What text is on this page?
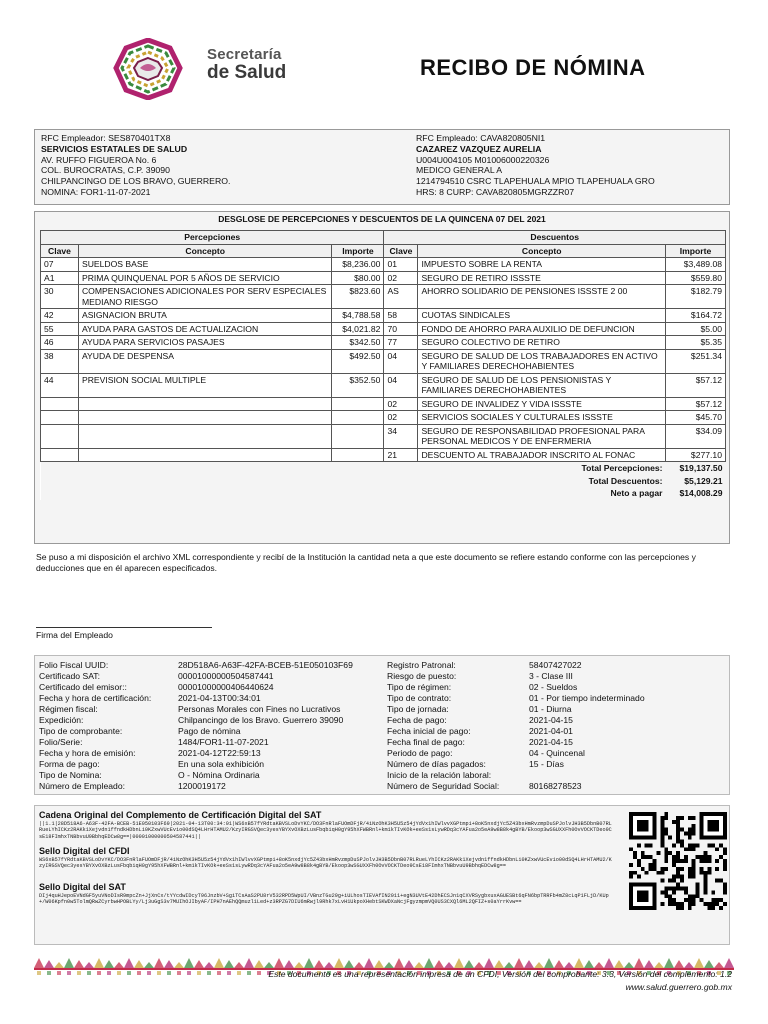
Secretaría
de Salud	RECIBO DE NÓMINA
RFC Empleador: SES870401TX8
SERVICIOS ESTATALES DE SALUD
AV. RUFFO FIGUEROA No. 6
COL. BUROCRATAS, C.P. 39090
CHILPANCINGO DE LOS BRAVO, GUERRERO.
NOMINA: FOR1-11-07-2021
RFC Empleado: CAVA820805NI1
CAZAREZ VAZQUEZ AURELIA
U004U004105 M01006000220326
MEDICO GENERAL A
1214794510 CSRC TLAPEHUALA MPIO TLAPEHUALA GRO
HRS: 8 CURP: CAVA820805MGRZZR07
DESGLOSE DE PERCEPCIONES Y DESCUENTOS DE LA QUINCENA 07 DEL 2021
Percepciones			Descuentos		
Clave	Concepto	Importe	Clave	Concepto	Importe
07	SUELDOS BASE	$8,236.00	01	IMPUESTO SOBRE LA RENTA	$3,489.08
A1	PRIMA QUINQUENAL POR 5 AÑOS DE SERVICIO	$80.00	02	SEGURO DE RETIRO ISSSTE	$559.80
30	COMPENSACIONES ADICIONALES POR SERV ESPECIALES MEDIANO RIESGO	$823.60	AS	AHORRO SOLIDARIO DE PENSIONES ISSSTE 2 00	$182.79
42	ASIGNACION BRUTA	$4,788.58	58	CUOTAS SINDICALES	$164.72
55	AYUDA PARA GASTOS DE ACTUALIZACION	$4,021.82	70	FONDO DE AHORRO PARA AUXILIO DE DEFUNCION	$5.00
46	AYUDA PARA SERVICIOS PASAJES	$342.50	77	SEGURO COLECTIVO DE RETIRO	$5.35
38	AYUDA DE DESPENSA	$492.50	04	SEGURO DE SALUD DE LOS TRABAJADORES EN ACTIVO Y FAMILIARES DERECHOHABIENTES	$251.34
44	PREVISION SOCIAL MULTIPLE	$352.50	04	SEGURO DE SALUD DE LOS PENSIONISTAS Y FAMILIARES DERECHOHABIENTES	$57.12
			02	SEGURO DE INVALIDEZ Y VIDA ISSSTE	$57.12
			02	SERVICIOS SOCIALES Y CULTURALES ISSSTE	$45.70
			34	SEGURO DE RESPONSABILIDAD PROFESIONAL PARA PERSONAL MEDICOS Y DE ENFERMERIA	$34.09
			21	DESCUENTO AL TRABAJADOR INSCRITO AL FONAC	$277.10
Total Percepciones:					$19,137.50
Total Descuentos:					$5,129.21
Neto a pagar					$14,008.29
Se puso a mi disposición el archivo XML correspondiente y recibí de la Institución la cantidad neta a que este documento se refiere estando conforme con las percepciones y deducciones que en él aparecen especificados.
Firma del Empleado
Folio Fiscal UUID:	28D518A6-A63F-42FA-BCEB-51E050103F69
Certificado SAT:	00001000000504587441
Certificado del emisor::	00001000000406440624
Fecha y hora de certificación:	2021-04-13T00:34:01
Régimen fiscal:	Personas Morales con Fines no Lucrativos
Expedición:	Chilpancingo de los Bravo. Guerrero 39090
Tipo de comprobante:	Pago de nómina
Folio/Serie:	1484/FOR1-11-07-2021
Fecha y hora de emisión:	2021-04-12T22:59:13
Forma de pago:	En una sola exhibición
Tipo de Nomina:	O - Nómina Ordinaria
Número de Empleado:	1200019172
Registro Patronal:	58407427022
Riesgo de puesto:	3 - Clase III
Tipo de régimen:	02 - Sueldos
Tipo de contrato:	01 - Por tiempo indeterminado
Tipo de jornada:	01 - Diurna
Fecha de pago:	2021-04-15
Fecha inicial de pago:	2021-04-01
Fecha final de pago:	2021-04-15
Periodo de pago:	04 - Quincenal
Número de días pagados:	15 - Días
Inicio de la relación laboral:
Número de Seguridad Social:	80168278523
Cadena Original del Complemento de Certificación Digital del SAT
||1.1|28D518A6-A63F-42FA-BCEB-51E050103F69|2021-04-13T00:34:01|WS6xB57fYRdtaKBVSLoDvYKC/DO3FnRlaFUOmDFjR/4iNzOhK3H5U5z54jYdVx1hIWlvvXGPtmpi+8oK5nxdjYc5Z43bxHmRvzmpDuSPJolvJH3B5DbnB07RLRueLYhICKz2RAKk1Xejvdn1ffndkHDbnLi0KZxwVUcEvio00dSQ4LHrHTAMU2/KzyIRGSVQec3yesYBYXvOXBzLusFbqbiqH0gY95hXFWBRnl+km1kTIvKOk+eeSs1sLywRDq3cYAFua2o5eA9w8B8k4gBYB/Ekoop3wSGUXXFh0OvVOCKTDeo9CsE18FImhxTNBbvuU9BbhqEDCw8g==|00001000000504587441||
Sello Digital del CFDI
WS6xB57fYRdtaKBVSLoDvYKC/DO3FnRlaFUOmDFjR/4iNzOhK3H5U5z54jYdVx1hIWlvvXGPtmpi+8oK5nxdjYc5Z43bxHmRvzmpDuSPJolvJH3B5DbnB07RLRueLYhICKz2RAKk1Xejvdn1ffndkHDbnLi0KZxwVUcEvio00dSQ4LHrHTAMU2/KzyIRGSVQec3yesYBYXvOXBzLusFbqbiqH0gY95hXFWBRnl+km1kTIvKOk+eeSs1sLywRDq3cYAFua2o5eA9w8B8k4gBYB/Ekoop3wSGUXXFh0OvVOCKTDeo9CsE18FImhxTNBbvuU9BbhqEDCw8g==
Sello Digital del SAT
DIj4quHJepoEVNdGF5yuVNoDIsR9mpcZn+JjXnCx/tYYcdwIDcyT96JnzbV+SgiTCsAaS2PU8rV532RPD5WpUI/VBnzTGu29g+iULhosTIEVAfIN2011+egN3UVtE42DhECSJn1qCXVRSygbxuxAGUESBt6qFN6bpTRRFb4mZ8cLqP1FLjD/KUp+/W06Kpfn0w5TolmQRwZCyrbwHPOBLYy/Lj3uGgS3v7MUIhOJIbyAF/IPH7nAEhQQmuzl1Led+z3RPZG7DIU6mRwjl9Rhk7xLvH1UkpoXHebtSKWDXaNcjFgyzmpmVQ0US3CXQl6ML2QFIZ+s0aYrrKvw==
Este documento es una representación impresa de un CFDI, Versión del comprobante: 3.3, Versión del complemento: 1.2
www.salud.guerrero.gob.mx
